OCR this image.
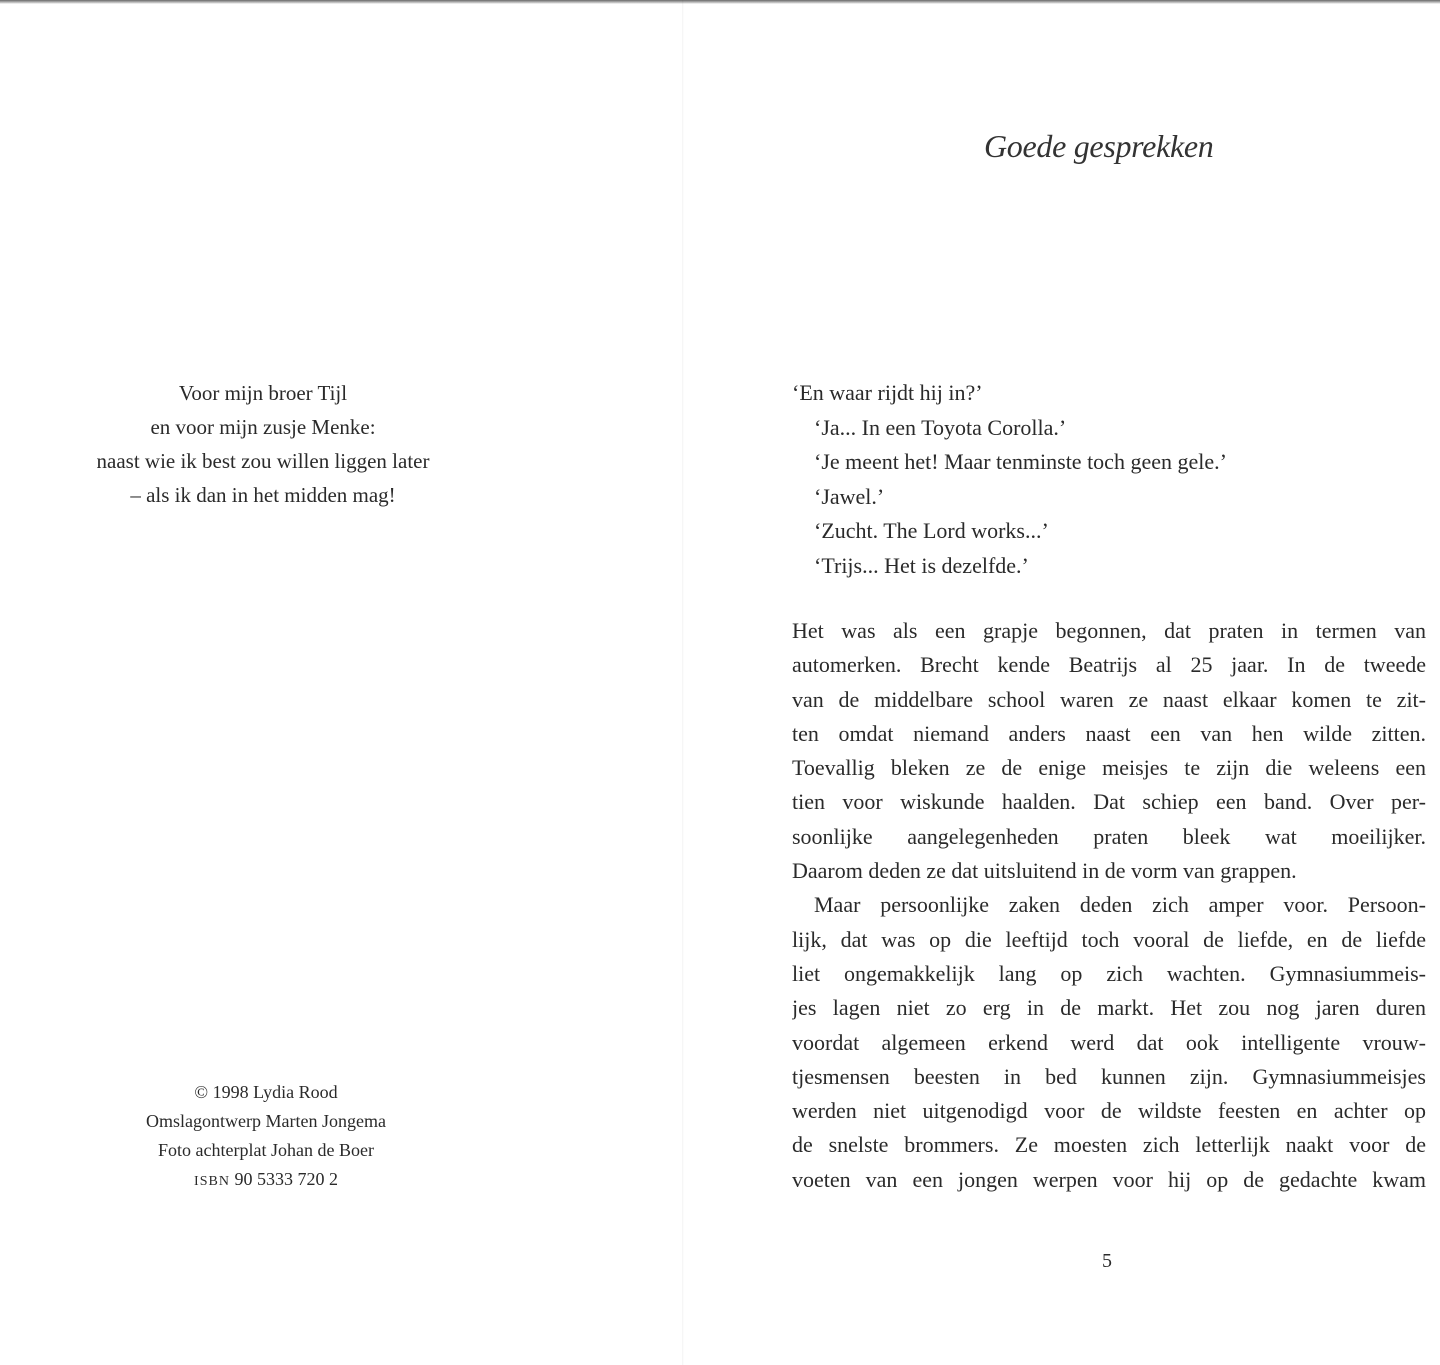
Voor mijn broer Tijl
en voor mijn zusje Menke:
naast wie ik best zou willen liggen later
– als ik dan in het midden mag!
© 1998 Lydia Rood
Omslagontwerp Marten Jongema
Foto achterplat Johan de Boer
ISBN 90 5333 720 2
Goede gesprekken
‘En waar rijdt hij in?’
‘Ja... In een Toyota Corolla.’
‘Je meent het! Maar tenminste toch geen gele.’
‘Jawel.’
‘Zucht. The Lord works...’
‘Trijs... Het is dezelfde.’
Het was als een grapje begonnen, dat praten in termen van
automerken. Brecht kende Beatrijs al 25 jaar. In de tweede
van de middelbare school waren ze naast elkaar komen te zit-
ten omdat niemand anders naast een van hen wilde zitten.
Toevallig bleken ze de enige meisjes te zijn die weleens een
tien voor wiskunde haalden. Dat schiep een band. Over per-
soonlijke aangelegenheden praten bleek wat moeilijker.
Daarom deden ze dat uitsluitend in de vorm van grappen.
Maar persoonlijke zaken deden zich amper voor. Persoon-
lijk, dat was op die leeftijd toch vooral de liefde, en de liefde
liet ongemakkelijk lang op zich wachten. Gymnasiummeis-
jes lagen niet zo erg in de markt. Het zou nog jaren duren
voordat algemeen erkend werd dat ook intelligente vrouw-
tjesmensen beesten in bed kunnen zijn. Gymnasiummeisjes
werden niet uitgenodigd voor de wildste feesten en achter op
de snelste brommers. Ze moesten zich letterlijk naakt voor de
voeten van een jongen werpen voor hij op de gedachte kwam
5
